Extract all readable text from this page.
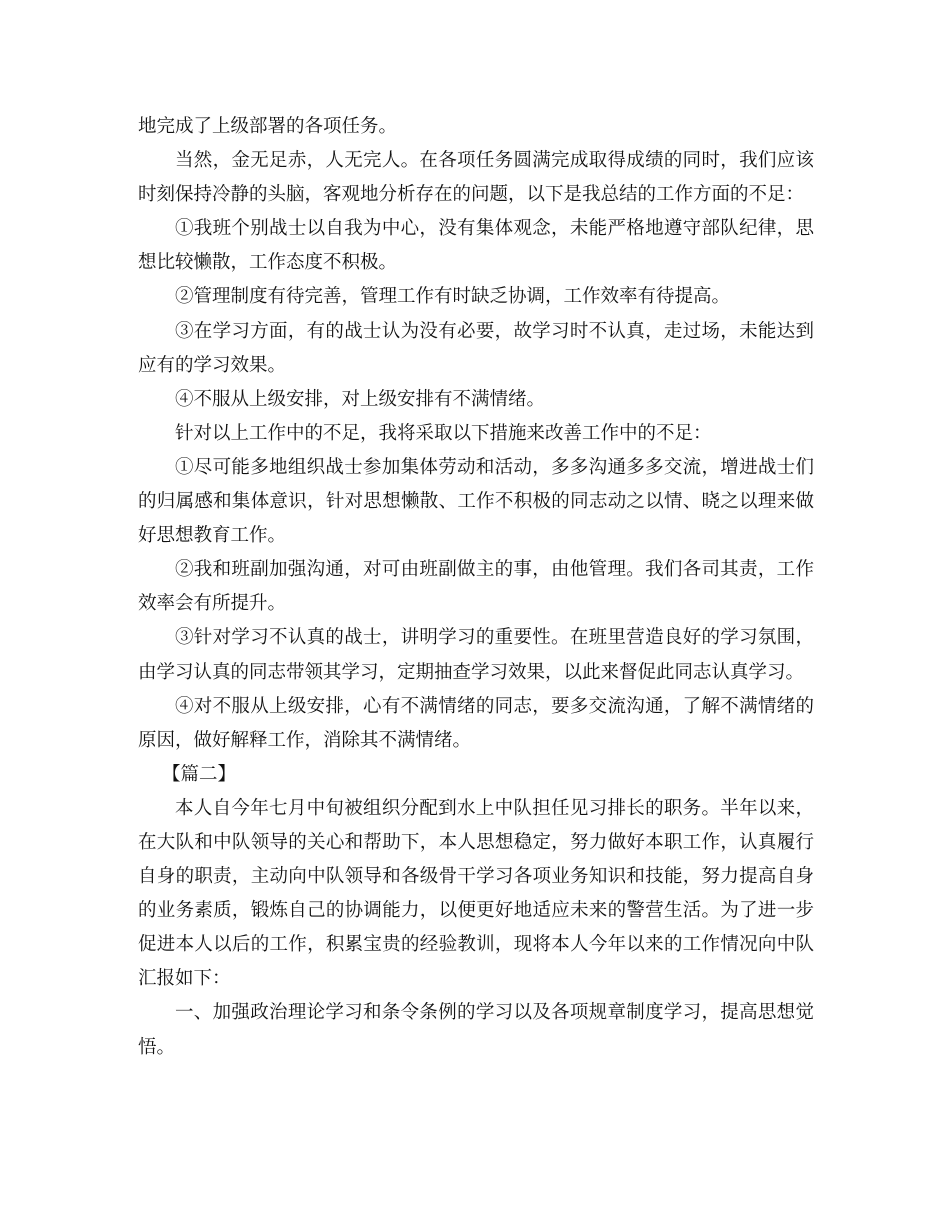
地完成了上级部署的各项任务。

当然，金无足赤，人无完人。在各项任务圆满完成取得成绩的同时，我们应该时刻保持冷静的头脑，客观地分析存在的问题，以下是我总结的工作方面的不足：

①我班个别战士以自我为中心，没有集体观念，未能严格地遵守部队纪律，思想比较懒散，工作态度不积极。

②管理制度有待完善，管理工作有时缺乏协调，工作效率有待提高。

③在学习方面，有的战士认为没有必要，故学习时不认真，走过场，未能达到应有的学习效果。

④不服从上级安排，对上级安排有不满情绪。

针对以上工作中的不足，我将采取以下措施来改善工作中的不足：

①尽可能多地组织战士参加集体劳动和活动，多多沟通多多交流，增进战士们的归属感和集体意识，针对思想懒散、工作不积极的同志动之以情、晓之以理来做好思想教育工作。

②我和班副加强沟通，对可由班副做主的事，由他管理。我们各司其责，工作效率会有所提升。

③针对学习不认真的战士，讲明学习的重要性。在班里营造良好的学习氛围，由学习认真的同志带领其学习，定期抽查学习效果，以此来督促此同志认真学习。

④对不服从上级安排，心有不满情绪的同志，要多交流沟通，了解不满情绪的原因，做好解释工作，消除其不满情绪。

【篇二】

本人自今年七月中旬被组织分配到水上中队担任见习排长的职务。半年以来，在大队和中队领导的关心和帮助下，本人思想稳定，努力做好本职工作，认真履行自身的职责，主动向中队领导和各级骨干学习各项业务知识和技能，努力提高自身的业务素质，锻炼自己的协调能力，以便更好地适应未来的警营生活。为了进一步促进本人以后的工作，积累宝贵的经验教训，现将本人今年以来的工作情况向中队汇报如下：

一、加强政治理论学习和条令条例的学习以及各项规章制度学习，提高思想觉悟。
